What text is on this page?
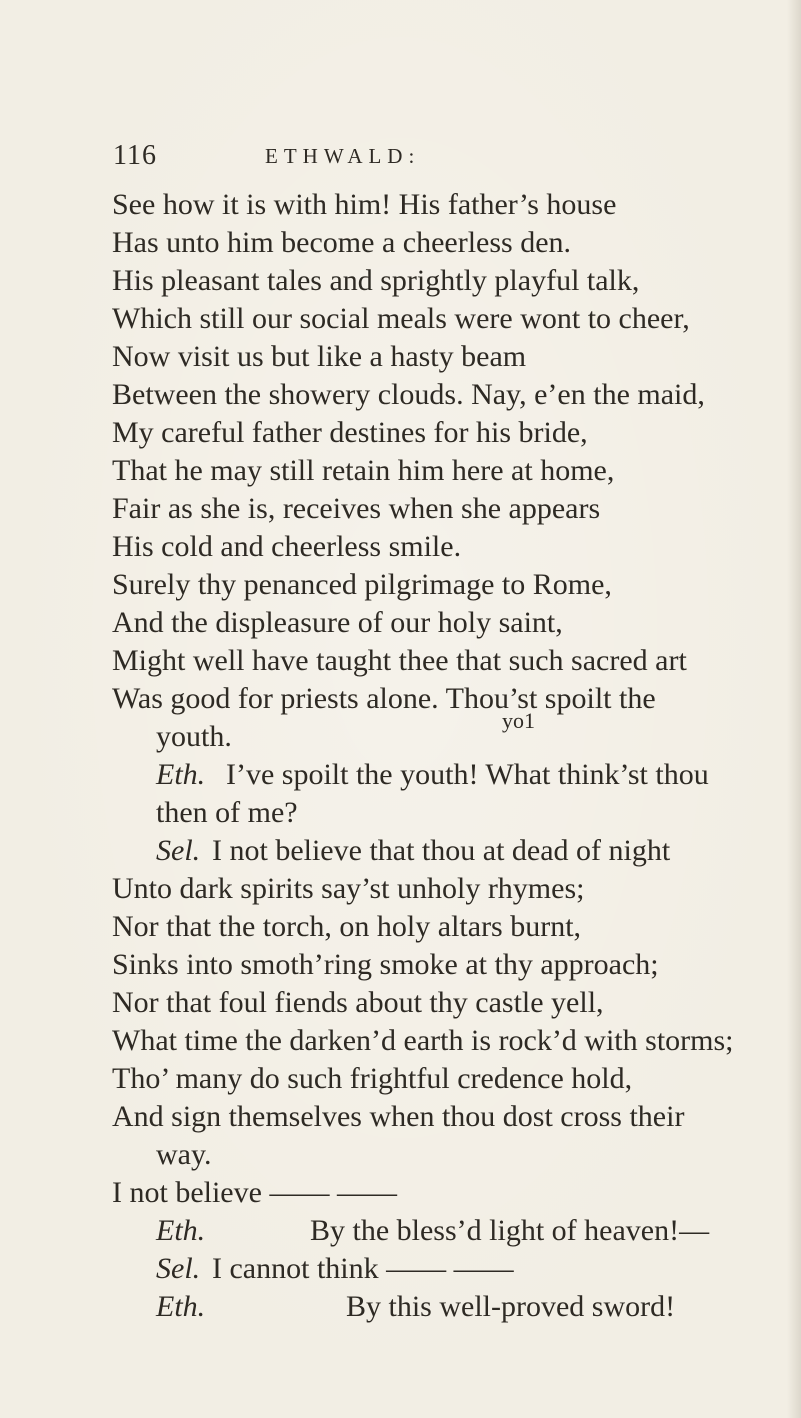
116	ETHWALD:
See how it is with him! His father’s house
Has unto him become a cheerless den.
His pleasant tales and sprightly playful talk,
Which still our social meals were wont to cheer,
Now visit us but like a hasty beam
Between the showery clouds. Nay, e’en the maid,
My careful father destines for his bride,
That he may still retain him here at home,
Fair as she is, receives when she appears
His cold and cheerless smile.
Surely thy penanced pilgrimage to Rome,
And the displeasure of our holy saint,
Might well have taught thee that such sacred art
Was good for priests alone. Thou’st spoilt the
youth.	yo1
Eth. I’ve spoilt the youth! What think’st thou
then of me?
Sel. I not believe that thou at dead of night
Unto dark spirits say’st unholy rhymes;
Nor that the torch, on holy altars burnt,
Sinks into smoth’ring smoke at thy approach;
Nor that foul fiends about thy castle yell,
What time the darken’d earth is rock’d with storms;
Tho’ many do such frightful credence hold,
And sign themselves when thou dost cross their
way.
I not believe —— ——
Eth.	By the bless’d light of heaven!—
Sel. I cannot think —— ——
Eth.	By this well-proved sword!
